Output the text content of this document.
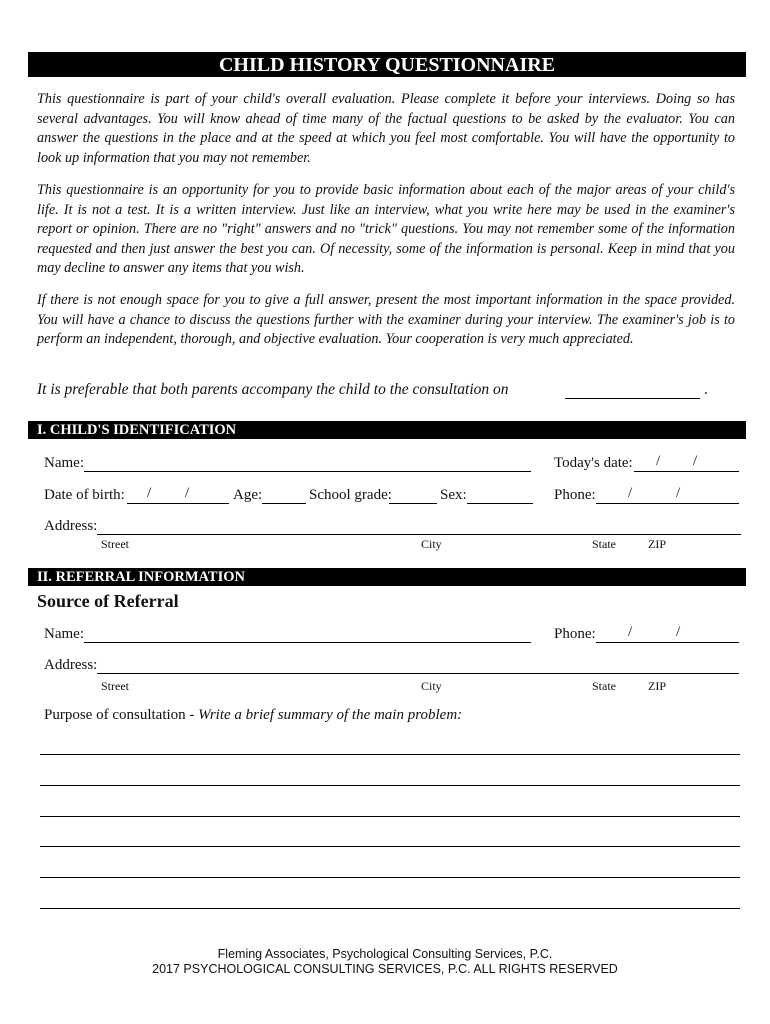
CHILD HISTORY QUESTIONNAIRE

This questionnaire is part of your child's overall evaluation. Please complete it before your interviews. Doing so has several advantages. You will know ahead of time many of the factual questions to be asked by the evaluator. You can answer the questions in the place and at the speed at which you feel most comfortable. You will have the opportunity to look up information that you may not remember.

This questionnaire is an opportunity for you to provide basic information about each of the major areas of your child's life. It is not a test. It is a written interview. Just like an interview, what you write here may be used in the examiner's report or opinion. There are no "right" answers and no "trick" questions. You may not remember some of the information requested and then just answer the best you can. Of necessity, some of the information is personal. Keep in mind that you may decline to answer any items that you wish.

If there is not enough space for you to give a full answer, present the most important information in the space provided. You will have a chance to discuss the questions further with the examiner during your interview. The examiner's job is to perform an independent, thorough, and objective evaluation. Your cooperation is very much appreciated.

It is preferable that both parents accompany the child to the consultation on	.
I. CHILD'S IDENTIFICATION
Name:	Today's date: / /
Date of birth: / /	Age:	School grade:	Sex:	Phone: /	/
Address:
Street	City	State	ZIP
II. REFERRAL INFORMATION
Source of Referral
Name:	Phone: /	/
Address:
Street	City	State	ZIP
Purpose of consultation - Write a brief summary of the main problem:
Fleming Associates, Psychological Consulting Services, P.C.
2017 PSYCHOLOGICAL CONSULTING SERVICES, P.C. ALL RIGHTS RESERVED
